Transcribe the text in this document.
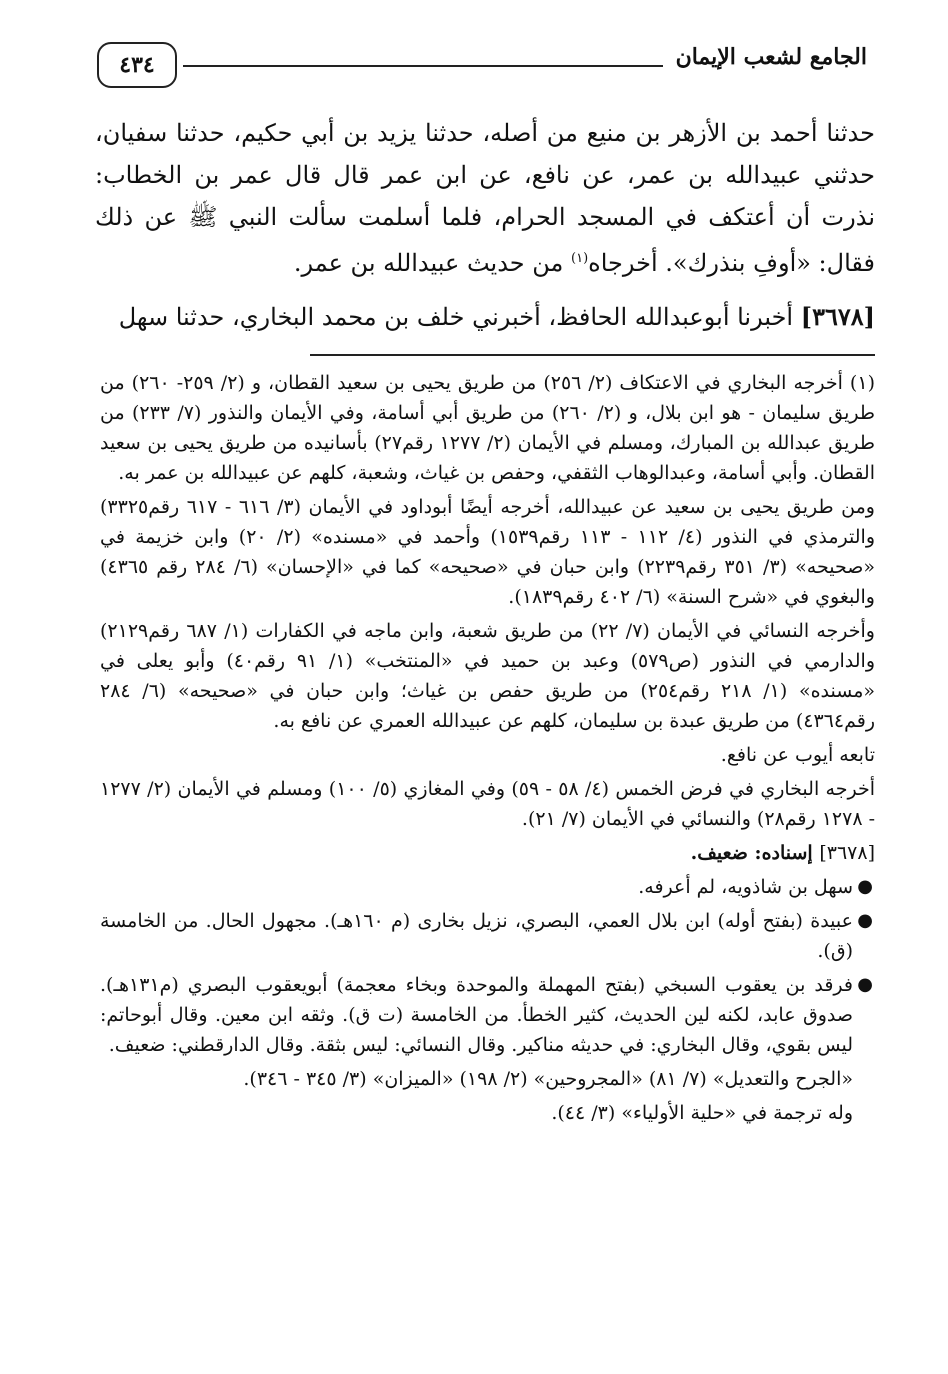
الجامع لشعب الإيمان
٤٣٤

حدثنا أحمد بن الأزهر بن منيع من أصله، حدثنا يزيد بن أبي حكيم، حدثنا سفيان، حدثني عبيدالله بن عمر، عن نافع، عن ابن عمر قال قال عمر بن الخطاب: نذرت أن أعتكف في المسجد الحرام، فلما أسلمت سألت النبي ﷺ عن ذلك فقال: «أوفِ بنذرك». أخرجاه$^{(١)}$ من حديث عبيدالله بن عمر.

[٣٦٧٨] أخبرنا أبوعبدالله الحافظ، أخبرني خلف بن محمد البخاري، حدثنا سهل

(١) أخرجه البخاري في الاعتكاف (٢/ ٢٥٦) من طريق يحيى بن سعيد القطان، و (٢/ ٢٥٩- ٢٦٠) من طريق سليمان - هو ابن بلال، و (٢/ ٢٦٠) من طريق أبي أسامة، وفي الأيمان والنذور (٧/ ٢٣٣) من طريق عبدالله بن المبارك، ومسلم في الأيمان (٢/ ١٢٧٧ رقم٢٧) بأسانيده من طريق يحيى بن سعيد القطان. وأبي أسامة، وعبدالوهاب الثقفي، وحفص بن غياث، وشعبة، كلهم عن عبيدالله بن عمر به.

ومن طريق يحيى بن سعيد عن عبيدالله، أخرجه أيضًا أبوداود في الأيمان (٣/ ٦١٦ - ٦١٧ رقم٣٣٢٥) والترمذي في النذور (٤/ ١١٢ - ١١٣ رقم١٥٣٩) وأحمد في «مسنده» (٢/ ٢٠) وابن خزيمة في «صحيحه» (٣/ ٣٥١ رقم٢٢٣٩) وابن حبان في «صحيحه» كما في «الإحسان» (٦/ ٢٨٤ رقم ٤٣٦٥) والبغوي في «شرح السنة» (٦/ ٤٠٢ رقم١٨٣٩).

وأخرجه النسائي في الأيمان (٧/ ٢٢) من طريق شعبة، وابن ماجه في الكفارات (١/ ٦٨٧ رقم٢١٢٩) والدارمي في النذور (ص٥٧٩) وعبد بن حميد في «المنتخب» (١/ ٩١ رقم٤٠) وأبو يعلى في «مسنده» (١/ ٢١٨ رقم٢٥٤) من طريق حفص بن غياث؛ وابن حبان في «صحيحه» (٦/ ٢٨٤ رقم٤٣٦٤) من طريق عبدة بن سليمان، كلهم عن عبيدالله العمري عن نافع به.

تابعه أيوب عن نافع.

أخرجه البخاري في فرض الخمس (٤/ ٥٨ - ٥٩) وفي المغازي (٥/ ١٠٠) ومسلم في الأيمان (٢/ ١٢٧٧ - ١٢٧٨ رقم٢٨) والنسائي في الأيمان (٧/ ٢١).

[٣٦٧٨] إسناده: ضعيف.

●
سهل بن شاذويه، لم أعرفه.
●
عبيدة (بفتح أوله) ابن بلال العمي، البصري، نزيل بخارى (م ١٦٠هـ). مجهول الحال. من الخامسة (ق).
●
فرقد بن يعقوب السبخي (بفتح المهملة والموحدة وبخاء معجمة) أبويعقوب البصري (م١٣١هـ). صدوق عابد، لكنه لين الحديث، كثير الخطأ. من الخامسة (ت ق). وثقه ابن معين. وقال أبوحاتم: ليس بقوي، وقال البخاري: في حديثه مناكير. وقال النسائي: ليس بثقة. وقال الدارقطني: ضعيف.

«الجرح والتعديل» (٧/ ٨١) «المجروحين» (٢/ ١٩٨) «الميزان» (٣/ ٣٤٥ - ٣٤٦).

وله ترجمة في «حلية الأولياء» (٣/ ٤٤).
